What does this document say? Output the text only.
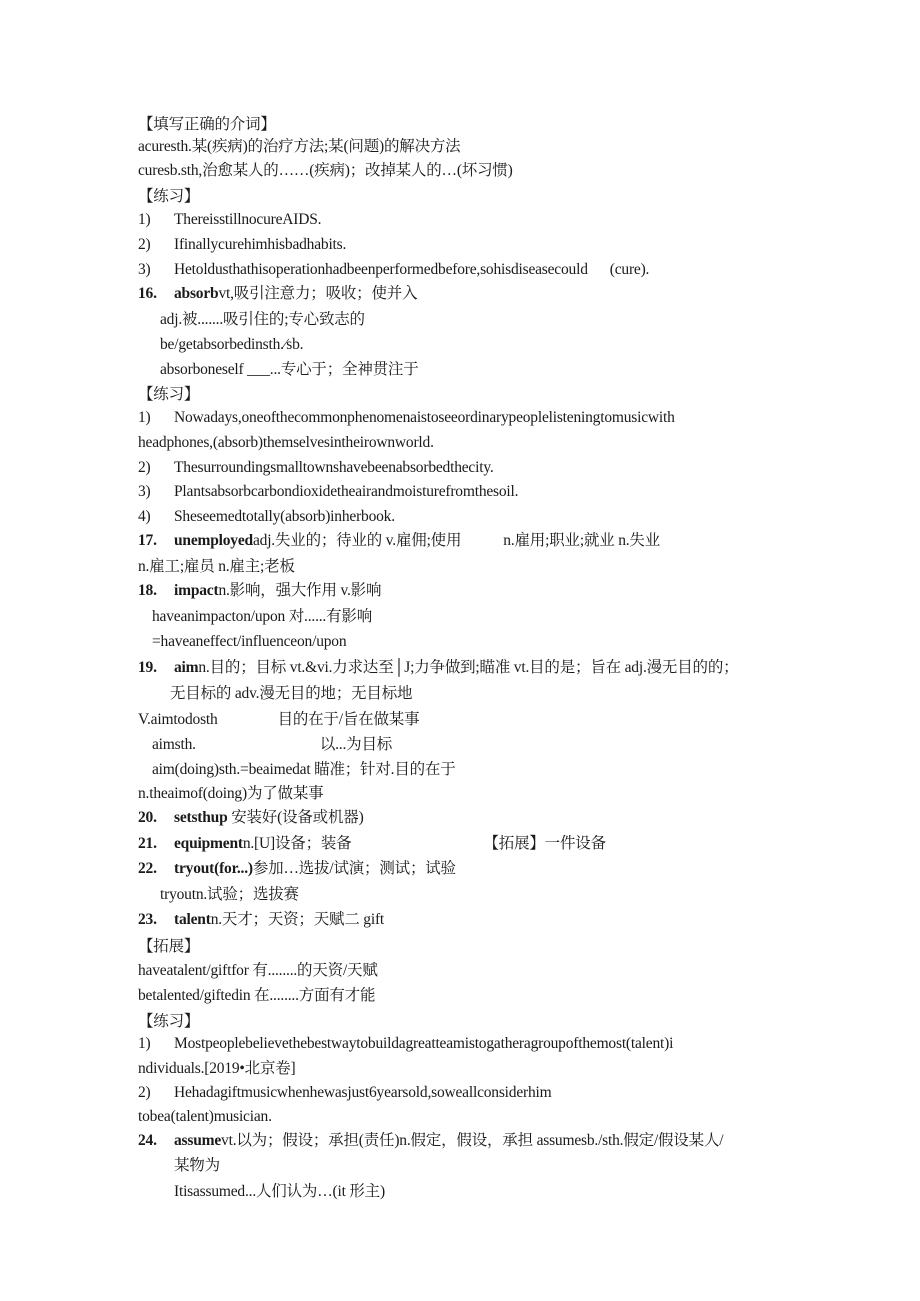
【填写正确的介词】
acuresth.某(疾病)的治疗方法;某(问题)的解决方法
curesb.sth,治愈某人的……(疾病)；改掉某人的…(坏习惯)
【练习】
1) ThereisstillnocureAIDS.
2) Ifinallycurehimhisbadhabits.
3) Hetoldusthathisoperationhadbeenperformedbefore,sohisdiseasecould (cure).
16. absorbvt,吸引注意力；吸收；使并入
adj.被.......吸引住的;专心致志的
be/getabsorbedinsth.∕sb.
absorboneself ___...专心于；全神贯注于
【练习】
1) Nowadays,oneofthecommonphenomenaistoseeordinarypeoplelisteningtomusicwith
headphones,(absorb)themselvesintheirownworld.
2) Thesurroundingsmalltownshavebeenabsorbedthecity.
3) Plantsabsorbcarbondioxidetheairandmoisturefromthesoil.
4) Sheseemedtotally(absorb)inherbook.
17. unemployedadj.失业的；待业的 v.雇佣;使用	n.雇用;职业;就业 n.失业
n.雇工;雇员 n.雇主;老板
18. impactn.影响，强大作用 v.影响
haveanimpacton/upon 对......有影响
=haveaneffect/influenceon/upon
19. aimn.目的；目标 vt.&vi.力求达至│J;力争做到;瞄准 vt.目的是；旨在 adj.漫无目的的；
无目标的 adv.漫无目的地；无目标地
V.aimtodosth	目的在于/旨在做某事
aimsth.	以...为目标
aim(doing)sth.=beaimedat 瞄准；针对.目的在于
n.theaimof(doing)为了做某事
20. setsthup 安装好(设备或机器)
21. equipmentn.[U]设备；装备	【拓展】一件设备
22. tryout(for...)参加…选拔/试演；测试；试验
tryoutn.试验；选拔赛
23. talentn.天才；天资；天赋二 gift
【拓展】
haveatalent/giftfor 有........的天资/天赋
betalented/giftedin 在........方面有才能
【练习】
1) Mostpeoplebelievethebestwaytobuildagreatteamistogatheragroupofthemost(talent)i
ndividuals.[2019•北京卷]
2) Hehadagiftmusicwhenhewasjust6yearsold,soweallconsiderhim
tobea(talent)musician.
24. assumevt.以为；假设；承担(责任)n.假定，假设，承担 assumesb./sth.假定/假设某人/
某物为
Itisassumed...人们认为…(it 形主)
